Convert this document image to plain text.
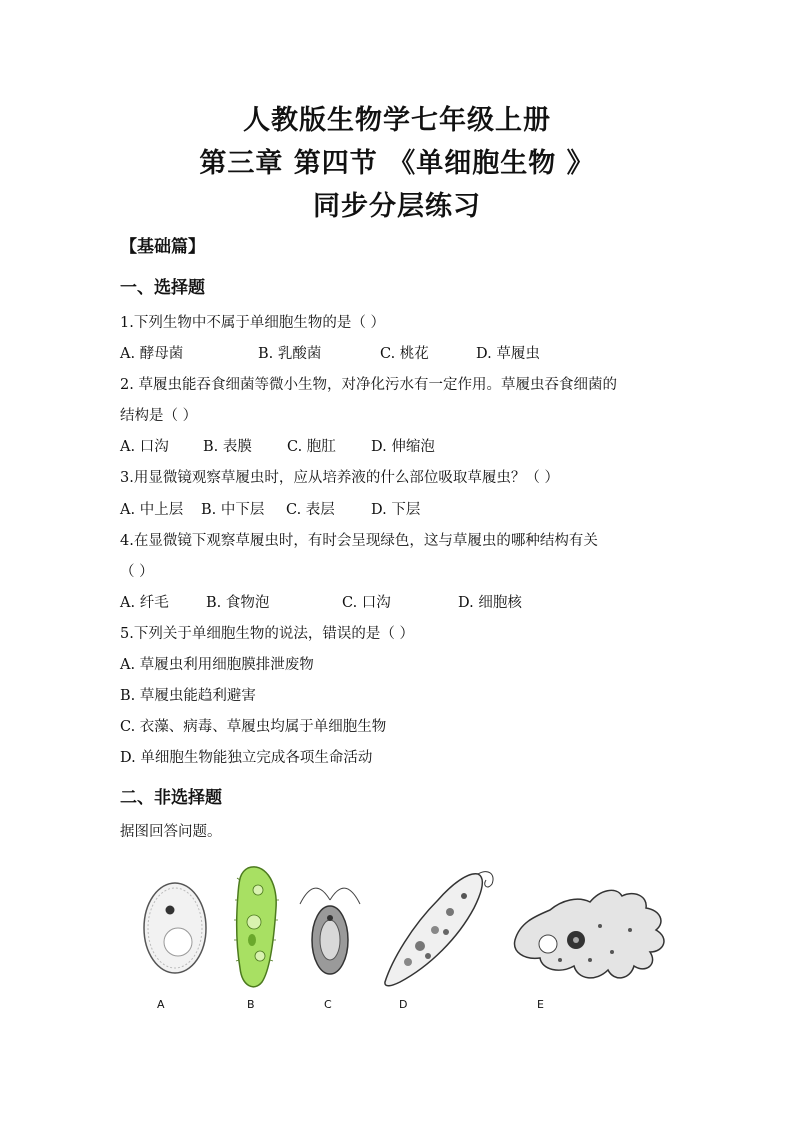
人教版生物学七年级上册
第三章 第四节 《单细胞生物 》
同步分层练习
【基础篇】
一、选择题
1.下列生物中不属于单细胞生物的是（ ）
A. 酵母菌	B. 乳酸菌	C. 桃花	D. 草履虫
2. 草履虫能吞食细菌等微小生物，对净化污水有一定作用。草履虫吞食细菌的
结构是（ ）
A. 口沟 B. 表膜 C. 胞肛 D. 伸缩泡
3.用显微镜观察草履虫时，应从培养液的什么部位吸取草履虫？（ ）
A. 中上层 B. 中下层 C. 表层 D. 下层
4.在显微镜下观察草履虫时，有时会呈现绿色，这与草履虫的哪种结构有关
（ ）
A. 纤毛	B. 食物泡	C. 口沟	D. 细胞核
5.下列关于单细胞生物的说法，错误的是（ ）
A. 草履虫利用细胞膜排泄废物
B. 草履虫能趋利避害
C. 衣藻、病毒、草履虫均属于单细胞生物
D. 单细胞生物能独立完成各项生命活动
二、非选择题
据图回答问题。
A	B	C	D	E
